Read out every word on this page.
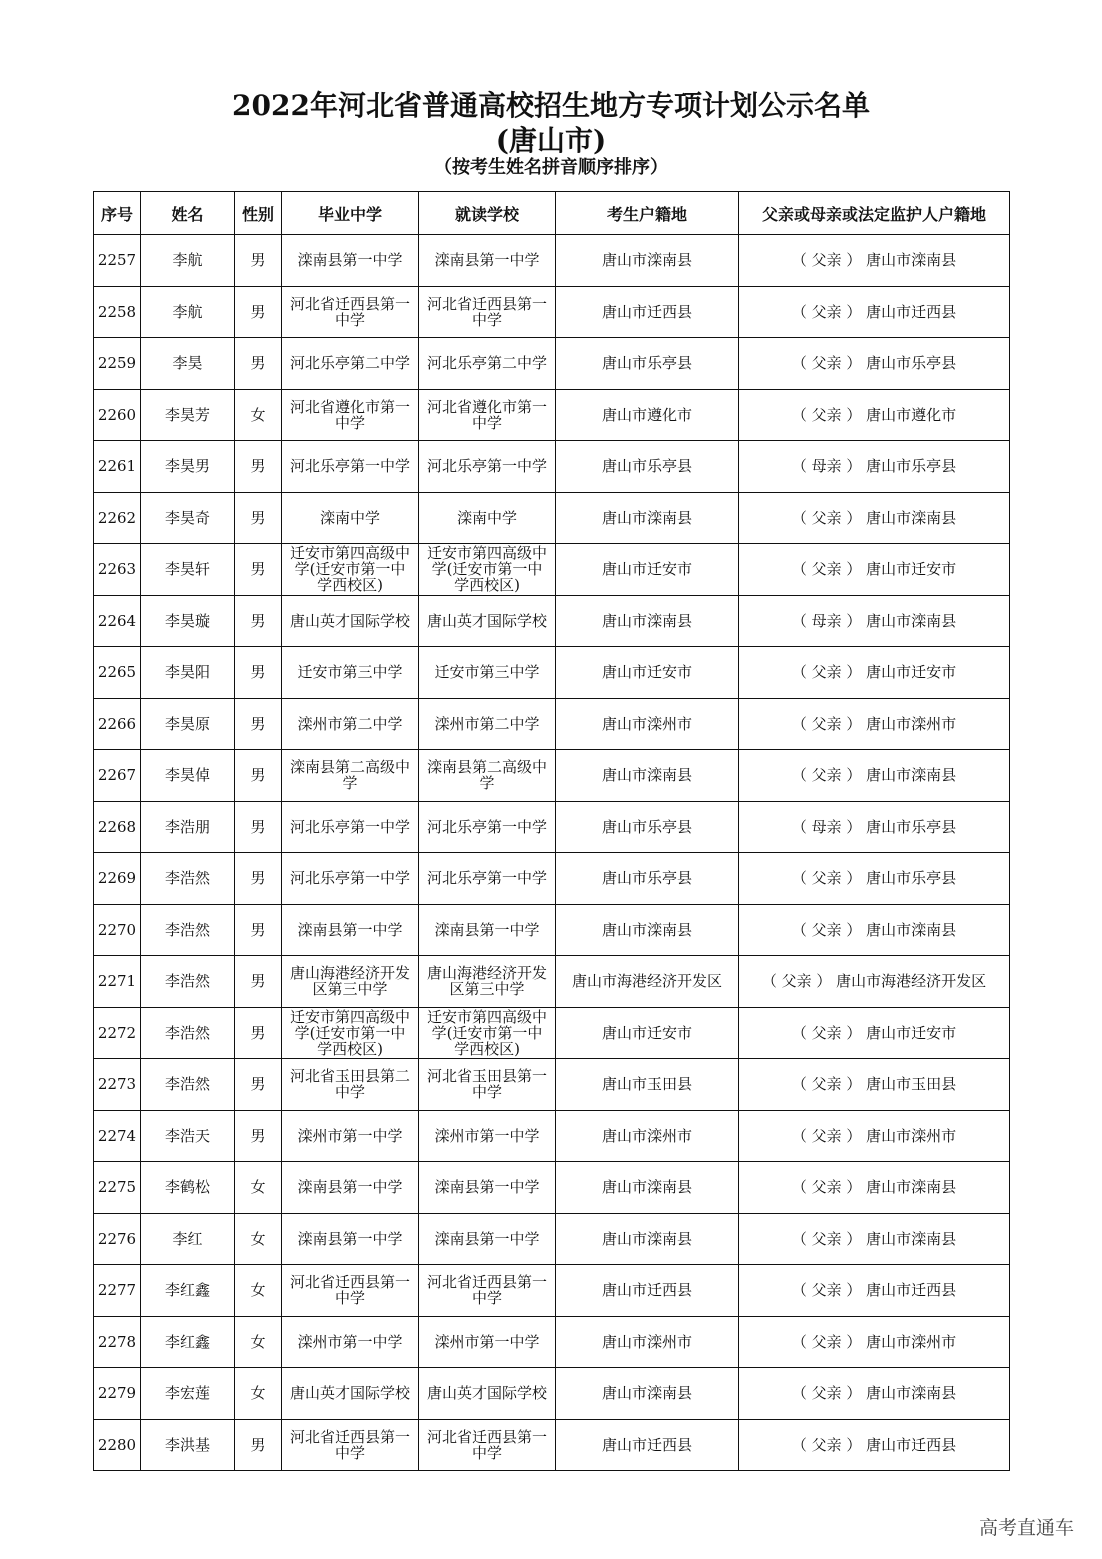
2022年河北省普通高校招生地方专项计划公示名单
(唐山市)
（按考生姓名拼音顺序排序）
序号	姓名	性别	毕业中学	就读学校	考生户籍地	父亲或母亲或法定监护人户籍地
2257	李航	男	滦南县第一中学	滦南县第一中学	唐山市滦南县	（ 父亲 ） 唐山市滦南县
2258	李航	男	河北省迁西县第一中学	河北省迁西县第一中学	唐山市迁西县	（ 父亲 ） 唐山市迁西县
2259	李昊	男	河北乐亭第二中学	河北乐亭第二中学	唐山市乐亭县	（ 父亲 ） 唐山市乐亭县
2260	李昊芳	女	河北省遵化市第一中学	河北省遵化市第一中学	唐山市遵化市	（ 父亲 ） 唐山市遵化市
2261	李昊男	男	河北乐亭第一中学	河北乐亭第一中学	唐山市乐亭县	（ 母亲 ） 唐山市乐亭县
2262	李昊奇	男	滦南中学	滦南中学	唐山市滦南县	（ 父亲 ） 唐山市滦南县
2263	李昊轩	男	迁安市第四高级中学(迁安市第一中学西校区)	迁安市第四高级中学(迁安市第一中学西校区)	唐山市迁安市	（ 父亲 ） 唐山市迁安市
2264	李昊璇	男	唐山英才国际学校	唐山英才国际学校	唐山市滦南县	（ 母亲 ） 唐山市滦南县
2265	李昊阳	男	迁安市第三中学	迁安市第三中学	唐山市迁安市	（ 父亲 ） 唐山市迁安市
2266	李昊原	男	滦州市第二中学	滦州市第二中学	唐山市滦州市	（ 父亲 ） 唐山市滦州市
2267	李昊倬	男	滦南县第二高级中学	滦南县第二高级中学	唐山市滦南县	（ 父亲 ） 唐山市滦南县
2268	李浩朋	男	河北乐亭第一中学	河北乐亭第一中学	唐山市乐亭县	（ 母亲 ） 唐山市乐亭县
2269	李浩然	男	河北乐亭第一中学	河北乐亭第一中学	唐山市乐亭县	（ 父亲 ） 唐山市乐亭县
2270	李浩然	男	滦南县第一中学	滦南县第一中学	唐山市滦南县	（ 父亲 ） 唐山市滦南县
2271	李浩然	男	唐山海港经济开发区第三中学	唐山海港经济开发区第三中学	唐山市海港经济开发区	（ 父亲 ） 唐山市海港经济开发区
2272	李浩然	男	迁安市第四高级中学(迁安市第一中学西校区)	迁安市第四高级中学(迁安市第一中学西校区)	唐山市迁安市	（ 父亲 ） 唐山市迁安市
2273	李浩然	男	河北省玉田县第二中学	河北省玉田县第一中学	唐山市玉田县	（ 父亲 ） 唐山市玉田县
2274	李浩天	男	滦州市第一中学	滦州市第一中学	唐山市滦州市	（ 父亲 ） 唐山市滦州市
2275	李鹤松	女	滦南县第一中学	滦南县第一中学	唐山市滦南县	（ 父亲 ） 唐山市滦南县
2276	李红	女	滦南县第一中学	滦南县第一中学	唐山市滦南县	（ 父亲 ） 唐山市滦南县
2277	李红鑫	女	河北省迁西县第一中学	河北省迁西县第一中学	唐山市迁西县	（ 父亲 ） 唐山市迁西县
2278	李红鑫	女	滦州市第一中学	滦州市第一中学	唐山市滦州市	（ 父亲 ） 唐山市滦州市
2279	李宏莲	女	唐山英才国际学校	唐山英才国际学校	唐山市滦南县	（ 父亲 ） 唐山市滦南县
2280	李洪基	男	河北省迁西县第一中学	河北省迁西县第一中学	唐山市迁西县	（ 父亲 ） 唐山市迁西县
高考直通车
